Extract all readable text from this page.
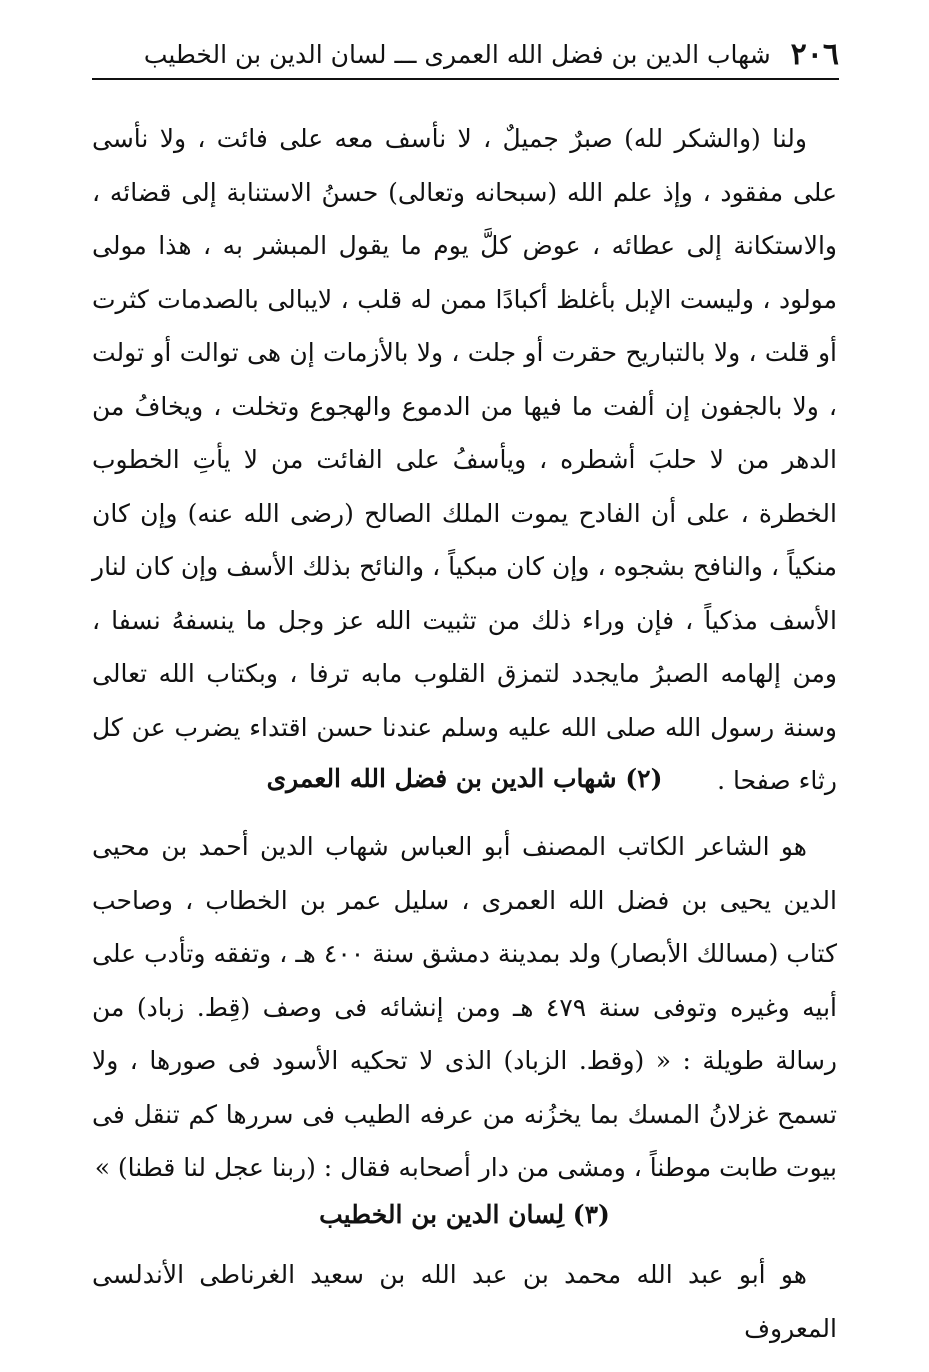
٢٠٦
شهاب الدين بن فضل الله العمرى ـــ لسان الدين بن الخطيب

ولنا (والشكر لله) صبرٌ جميلٌ ، لا نأسف معه على فائت ، ولا نأسى على مفقود ، وإذ علم الله (سبحانه وتعالى) حسنُ الاستنابة إلى قضائه ، والاستكانة إلى عطائه ، عوض كلَّ يوم ما يقول المبشر به ، هذا مولى مولود ، وليست الإبل بأغلظ أكبادًا ممن له قلب ، لايبالى بالصدمات كثرت أو قلت ، ولا بالتباريح حقرت أو جلت ، ولا بالأزمات إن هى توالت أو تولت ، ولا بالجفون إن ألفت ما فيها من الدموع والهجوع وتخلت ، ويخافُ من الدهر من لا حلبَ أشطره ، ويأسفُ على الفائت من لا يأتِ الخطوب الخطرة ، على أن الفادح يموت الملك الصالح (رضى الله عنه) وإن كان منكياً ، والنافح بشجوه ، وإن كان مبكياً ، والنائح بذلك الأسف وإن كان لنار الأسف مذكياً ، فإن وراء ذلك من تثبيت الله عز وجل ما ينسفهُ نسفا ، ومن إلهامه الصبرُ مايجدد لتمزق القلوب مابه ترفا ، وبكتاب الله تعالى وسنة رسول الله صلى الله عليه وسلم عندنا حسن اقتداء يضرب عن كل رثاء صفحا .

(٢) شهاب الدين بن فضل الله العمرى

هو الشاعر الكاتب المصنف أبو العباس شهاب الدين أحمد بن محيى الدين يحيى بن فضل الله العمرى ، سليل عمر بن الخطاب ، وصاحب كتاب (مسالك الأبصار) ولد بمدينة دمشق سنة ٤٠٠ هـ ، وتفقه وتأدب على أبيه وغيره وتوفى سنة ٤٧٩ هـ ومن إنشائه فى وصف (قِط. زباد) من رسالة طويلة : « (وقط. الزباد) الذى لا تحكيه الأسود فى صورها ، ولا تسمح غزلانُ المسك بما يخزُنه من عرفه الطيب فى سررها كم تنقل فى بيوت طابت موطناً ، ومشى من دار أصحابه فقال : (ربنا عجل لنا قطنا) »

(٣) لِسان الدين بن الخطيب

هو أبو عبد الله محمد بن عبد الله بن سعيد الغرناطى الأندلسى المعروف
